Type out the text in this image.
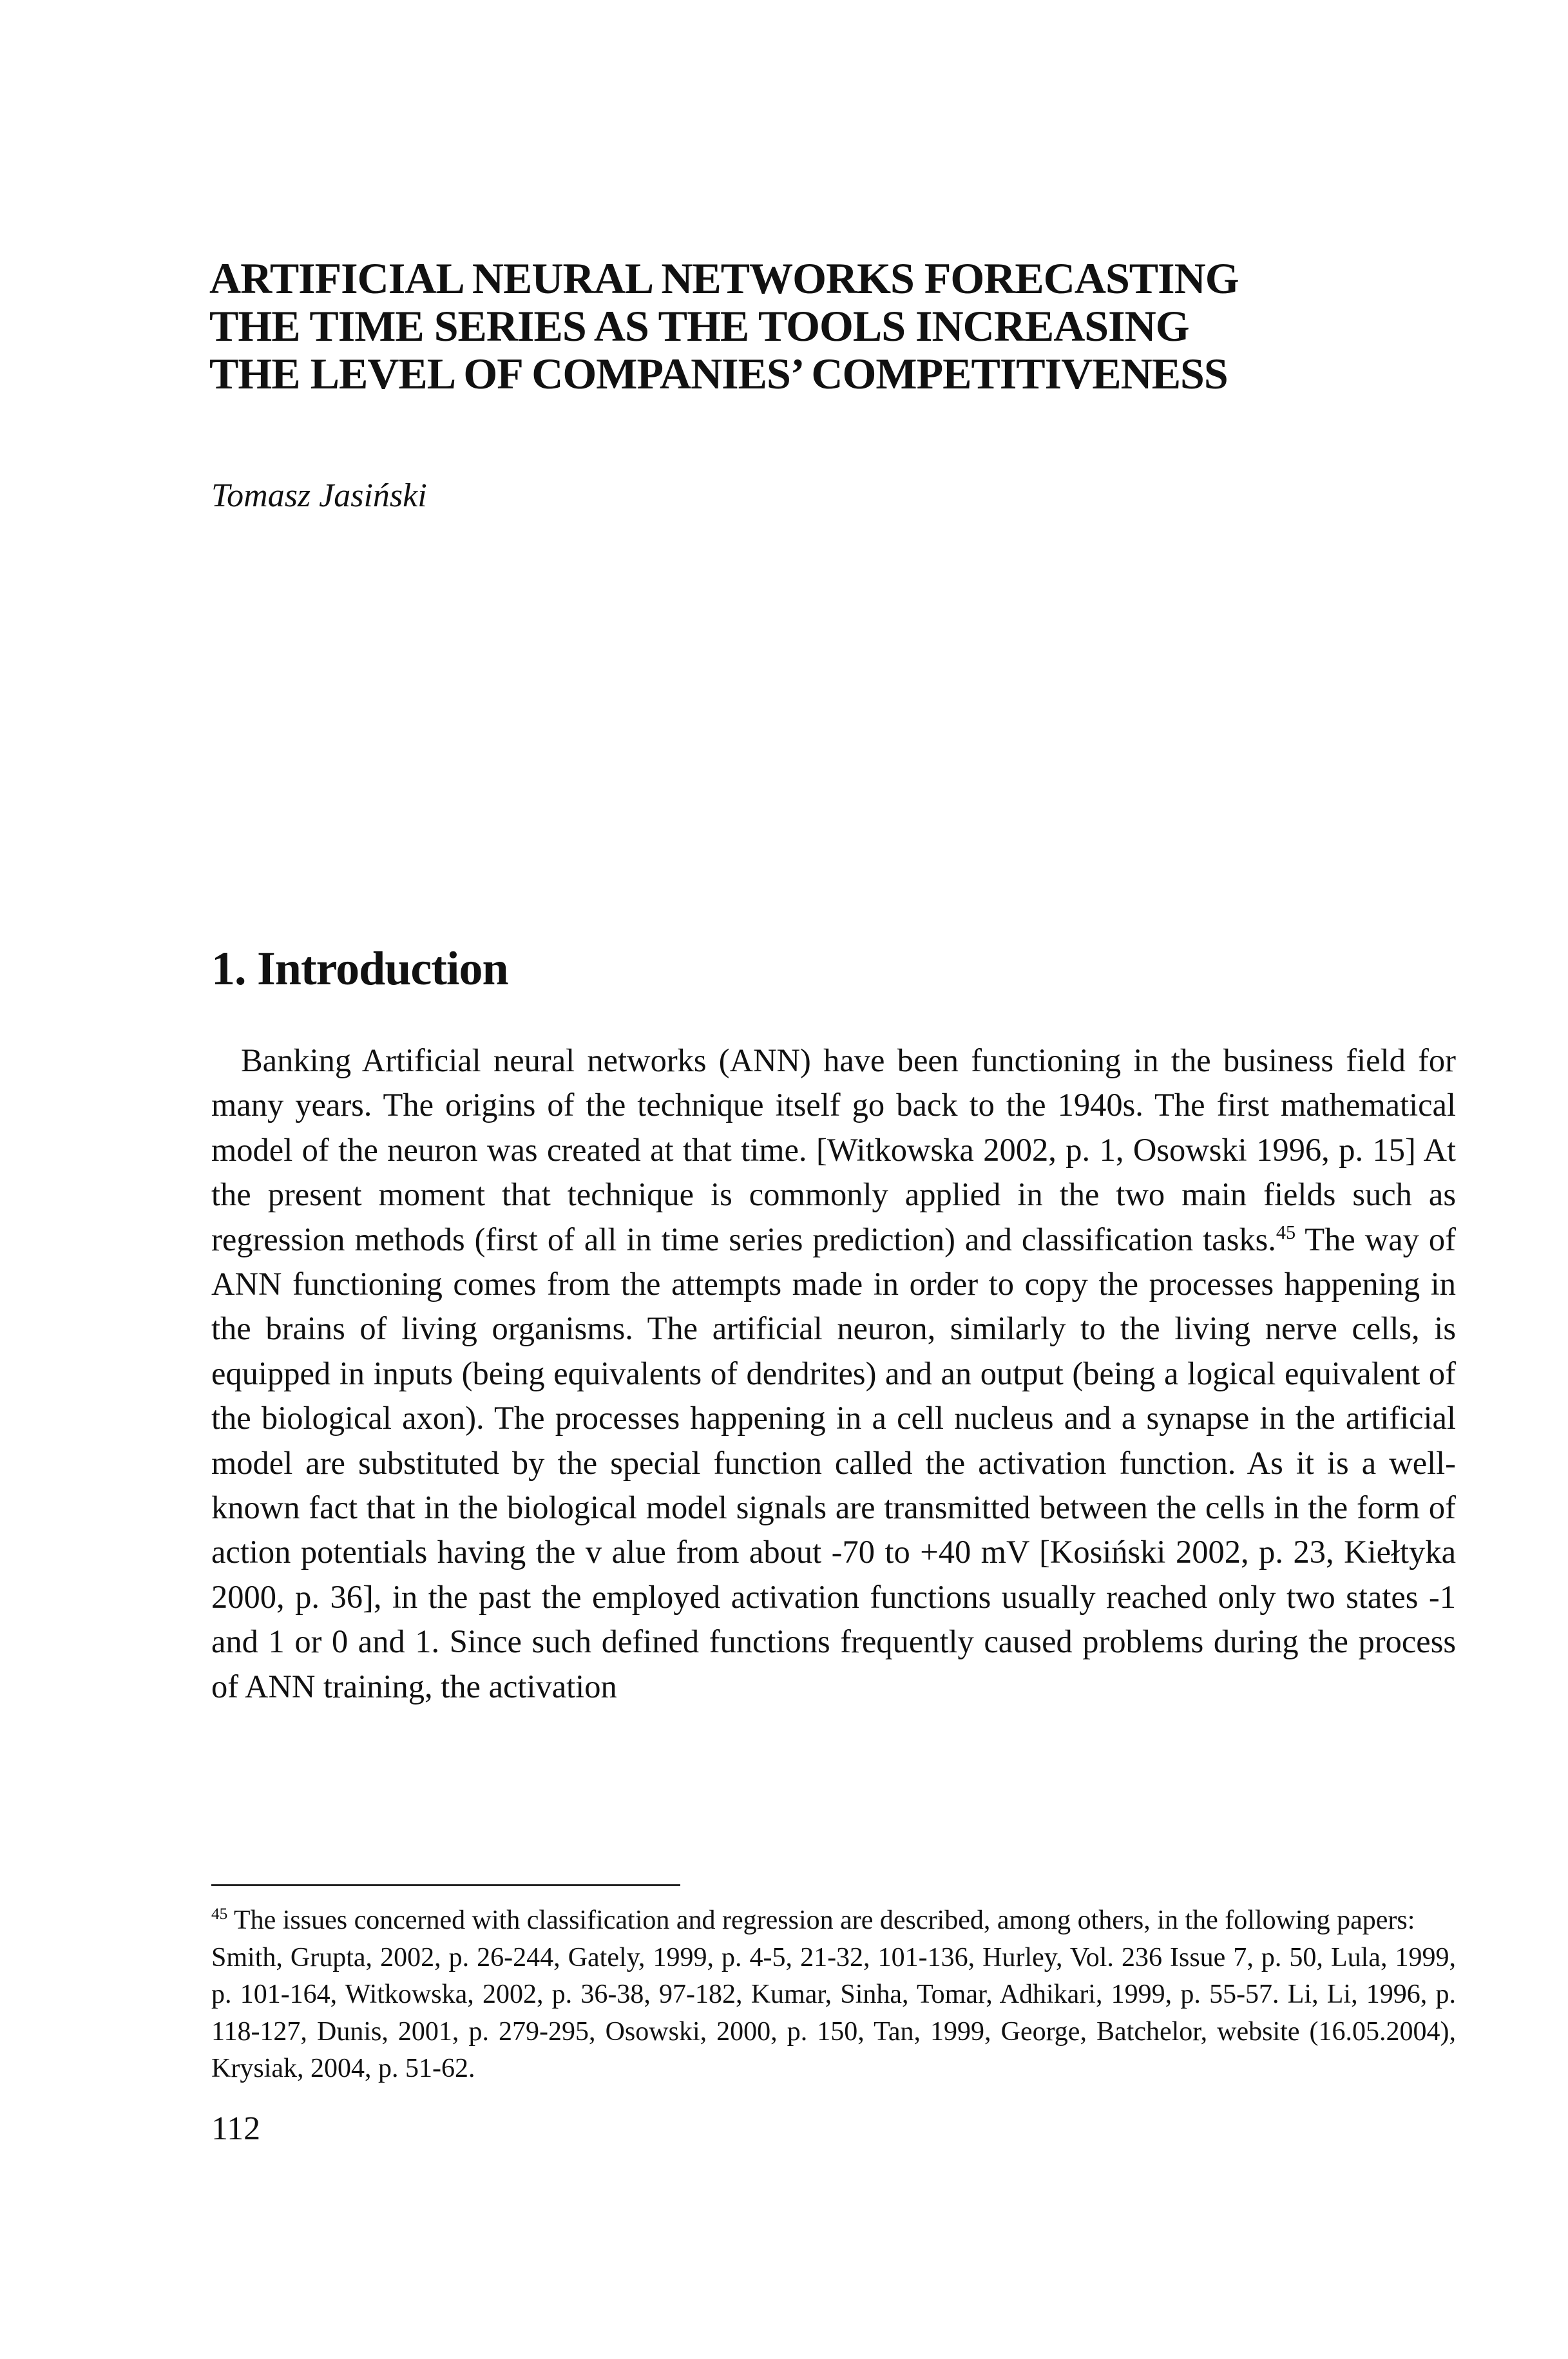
ARTIFICIAL NEURAL NETWORKS FORECASTING
THE TIME SERIES AS THE TOOLS INCREASING
THE LEVEL OF COMPANIES’ COMPETITIVENESS

Tomasz Jasiński

1. Introduction

Banking Artificial neural networks (ANN) have been functioning in the business field for many years. The origins of the technique itself go back to the 1940s. The first mathematical model of the neuron was created at that time. [Witkowska 2002, p. 1, Osowski 1996, p. 15] At the present moment that technique is commonly applied in the two main fields such as regression methods (first of all in time series prediction) and classification tasks.$^{45}$ The way of ANN functioning comes from the attempts made in order to copy the processes happening in the brains of living organisms. The artificial neuron, similarly to the living nerve cells, is equipped in inputs (being equivalents of dendrites) and an output (being a logical equivalent of the biological axon). The processes happening in a cell nucleus and a synapse in the artificial model are substituted by the special function called the activation function. As it is a well-known fact that in the biological model signals are transmitted between the cells in the form of action potentials having the v alue from about -70 to +40 mV [Kosiński 2002, p. 23, Kiełtyka 2000, p. 36], in the past the employed activation functions usually reached only two states -1 and 1 or 0 and 1. Since such defined functions frequently caused problems during the process of ANN training, the activation

$^{45}$ The issues concerned with classification and regression are described, among others, in the following papers:
Smith, Grupta, 2002, p. 26-244, Gately, 1999, p. 4-5, 21-32, 101-136, Hurley, Vol. 236 Issue 7, p. 50, Lula, 1999, p. 101-164, Witkowska, 2002, p. 36-38, 97-182, Kumar, Sinha, Tomar, Adhikari, 1999, p. 55-57. Li, Li, 1996, p. 118-127, Dunis, 2001, p. 279-295, Osowski, 2000, p. 150, Tan, 1999, George, Batchelor, website (16.05.2004), Krysiak, 2004, p. 51-62.

112
